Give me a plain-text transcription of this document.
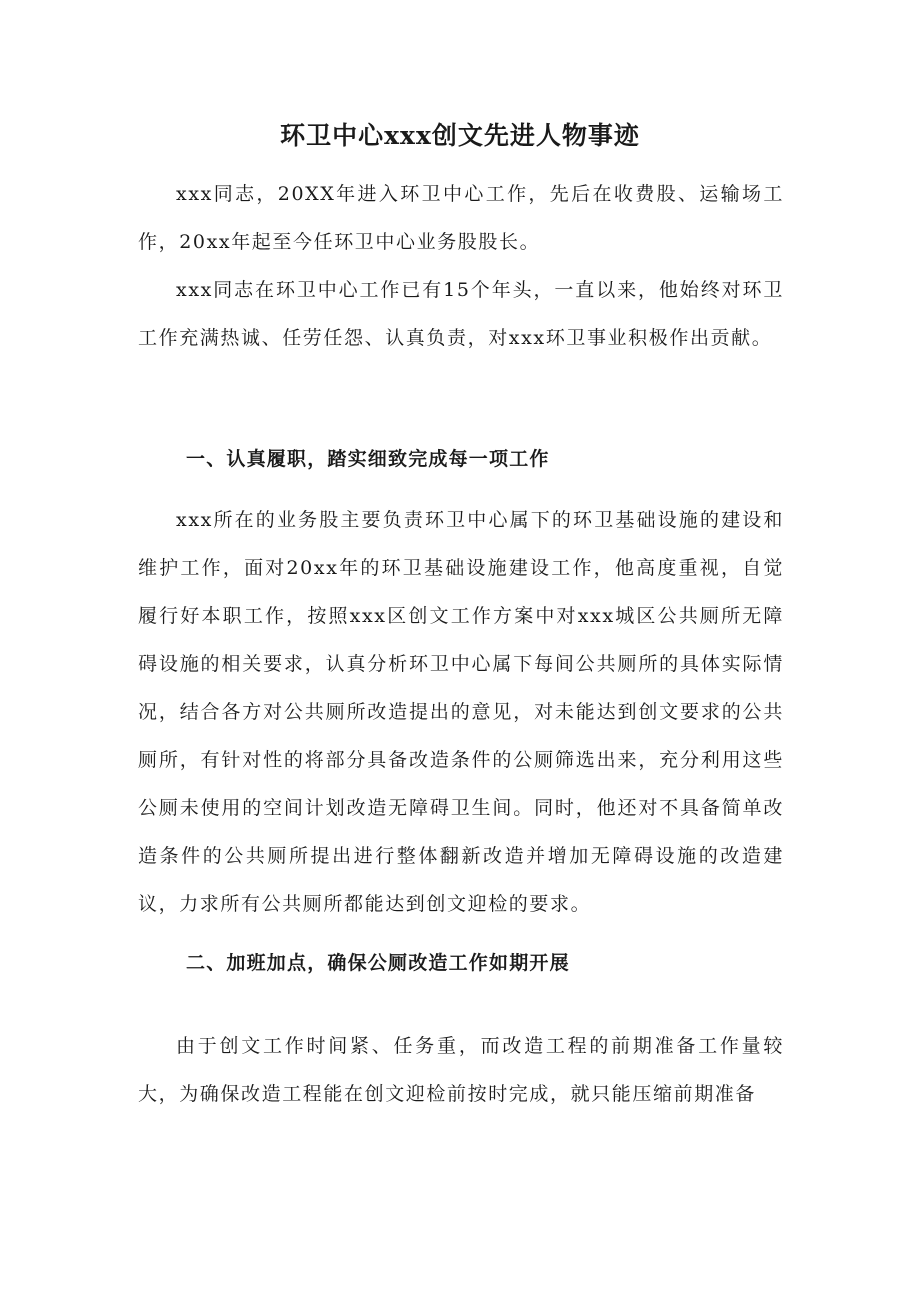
环卫中心xxx创文先进人物事迹

xxx同志，20XX年进入环卫中心工作，先后在收费股、运输场工作，20xx年起至今任环卫中心业务股股长。

xxx同志在环卫中心工作已有15个年头，一直以来，他始终对环卫工作充满热诚、任劳任怨、认真负责，对xxx环卫事业积极作出贡献。

一、认真履职，踏实细致完成每一项工作

xxx所在的业务股主要负责环卫中心属下的环卫基础设施的建设和维护工作，面对20xx年的环卫基础设施建设工作，他高度重视，自觉履行好本职工作，按照xxx区创文工作方案中对xxx城区公共厕所无障碍设施的相关要求，认真分析环卫中心属下每间公共厕所的具体实际情况，结合各方对公共厕所改造提出的意见，对未能达到创文要求的公共厕所，有针对性的将部分具备改造条件的公厕筛选出来，充分利用这些公厕未使用的空间计划改造无障碍卫生间。同时，他还对不具备简单改造条件的公共厕所提出进行整体翻新改造并增加无障碍设施的改造建议，力求所有公共厕所都能达到创文迎检的要求。

二、加班加点，确保公厕改造工作如期开展

由于创文工作时间紧、任务重，而改造工程的前期准备工作量较大，为确保改造工程能在创文迎检前按时完成，就只能压缩前期准备
